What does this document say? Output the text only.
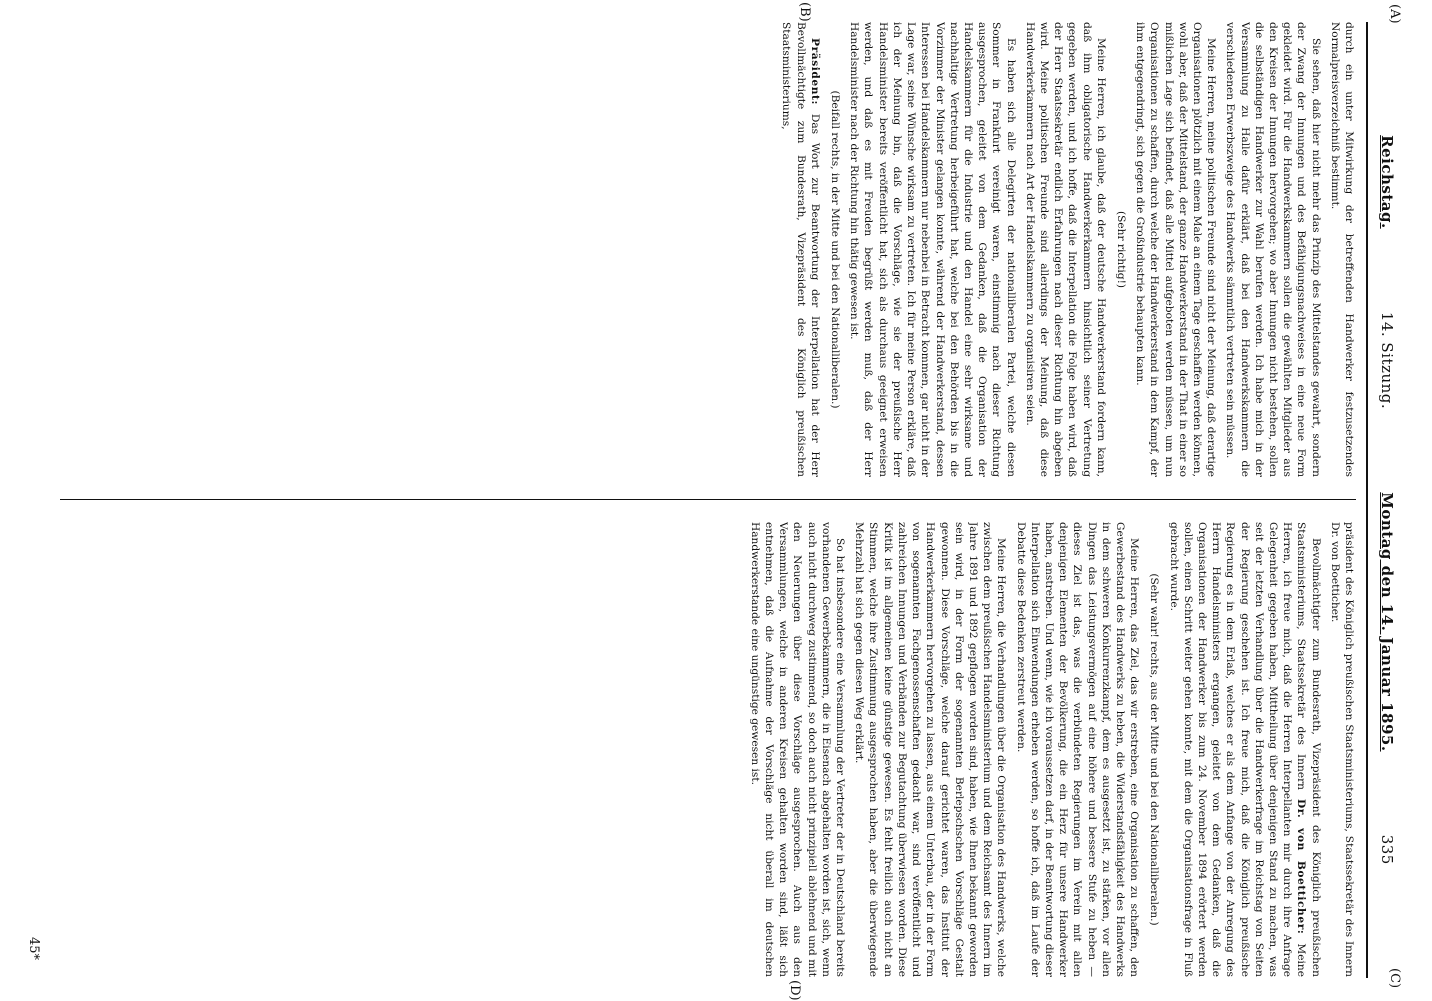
(A)
(C)
Reichstag.
14. Sitzung.
Montag den 14. Januar 1895.
335
(B)
(D)

durch ein unter Mitwirkung der betreffenden Handwerker festzusetzendes Normalpreisverzeichniß bestimmt.

Sie sehen, daß hier nicht mehr das Prinzip des Mittelstandes gewahrt, sondern der Zwang der Innungen und des Befähigungsnachweises in eine neue Form gekleidet wird. Für die Handwerkskammern sollen die gewählten Mitglieder aus den Kreisen der Innungen hervorgehen; wo aber Innungen nicht bestehen, sollen die selbständigen Handwerker zur Wahl berufen werden. Ich habe mich in der Versammlung zu Halle dafür erklärt, daß bei den Handwerkskammern die verschiedenen Erwerbszweige des Handwerks sämmtlich vertreten sein müssen.

Meine Herren, meine politischen Freunde sind nicht der Meinung, daß derartige Organisationen plötzlich mit einem Male an einem Tage geschaffen werden können, wohl aber, daß der Mittelstand, der ganze Handwerkerstand in der That in einer so mißlichen Lage sich befindet, daß alle Mittel aufgeboten werden müssen, um nun Organisationen zu schaffen, durch welche der Handwerkerstand in dem Kampf, der ihm entgegendringt, sich gegen die Großindustrie behaupten kann.

(Sehr richtig!)

Meine Herren, ich glaube, daß der deutsche Handwerkerstand fordern kann, daß ihm obligatorische Handwerkerkammern hinsichtlich seiner Vertretung gegeben werden, und ich hoffe, daß die Interpellation die Folge haben wird, daß der Herr Staatssekretär endlich Erfahrungen nach dieser Richtung hin abgeben wird. Meine politischen Freunde sind allerdings der Meinung, daß diese Handwerkerkammern nach Art der Handelskammern zu organisiren seien.

Es haben sich alle Delegirten der nationalliberalen Partei, welche diesen Sommer in Frankfurt vereinigt waren, einstimmig nach dieser Richtung ausgesprochen, geleitet von dem Gedanken, daß die Organisation der Handelskammern für die Industrie und den Handel eine sehr wirksame und nachhaltige Vertretung herbeigeführt hat, welche bei den Behörden bis in die Vorzimmer der Minister gelangen konnte, während der Handwerkerstand, dessen Interessen bei Handelskammern nur nebenbei in Betracht kommen, gar nicht in der Lage war, seine Wünsche wirksam zu vertreten. Ich für meine Person erkläre, daß ich der Meinung bin, daß die Vorschläge, wie sie der preußische Herr Handelsminister bereits veröffentlicht hat, sich als durchaus geeignet erweisen werden, und daß es mit Freuden begrüßt werden muß, daß der Herr Handelsminister nach der Richtung hin thätig gewesen ist.

(Beifall rechts, in der Mitte und bei den Nationalliberalen.)

Präsident: Das Wort zur Beantwortung der Interpellation hat der Herr Bevollmächtigte zum Bundesrath, Vizepräsident des Königlich preußischen Staatsministeriums,

präsident des Königlich preußischen Staatsministeriums, Staatssekretär des Innern Dr. von Boetticher.

Bevollmächtigter zum Bundesrath, Vizepräsident des Königlich preußischen Staatsministeriums, Staatssekretär des Innern Dr. von Boetticher: Meine Herren, ich freue mich, daß die Herren Interpellanten mir durch ihre Anfrage Gelegenheit gegeben haben, Mittheilung über denjenigen Stand zu machen, was seit der letzten Verhandlung über die Handwerkerfrage im Reichstag von Seiten der Regierung geschehen ist. Ich freue mich, daß die Königlich preußische Regierung es in dem Erlaß, welches er als dem Anfange von der Anregung des Herrn Handelsministers ergangen, geleitet von dem Gedanken, daß die Organisationen der Handwerker bis zum 24. November 1894 erörtert werden sollen, einen Schritt weiter gehen konnte, mit dem die Organisationsfrage in Fluß gebracht wurde.

(Sehr wahr! rechts, aus der Mitte und bei den Nationalliberalen.)

Meine Herren, das Ziel, das wir erstreben, eine Organisation zu schaffen, den Gewerbestand des Handwerks zu heben, die Widerstandsfähigkeit des Handwerks in dem schweren Konkurrenzkampf, dem es ausgesetzt ist, zu stärken, vor allen Dingen das Leistungsvermögen auf eine höhere und bessere Stufe zu heben — dieses Ziel ist das, was die verbündeten Regierungen im Verein mit allen denjenigen Elementen der Bevölkerung, die ein Herz für unsere Handwerker haben, anstreben. Und wenn, wie ich voraussetzen darf, in der Beantwortung dieser Interpellation sich Einwendungen erheben werden, so hoffe ich, daß im Laufe der Debatte diese Bedenken zerstreut werden.

Meine Herren, die Verhandlungen über die Organisation des Handwerks, welche zwischen dem preußischen Handelsministerium und dem Reichsamt des Innern im Jahre 1891 und 1892 gepflogen worden sind, haben, wie Ihnen bekannt geworden sein wird, in der Form der sogenannten Berlepschschen Vorschläge Gestalt gewonnen. Diese Vorschläge, welche darauf gerichtet waren, das Institut der Handwerkerkammern hervorgehen zu lassen, aus einem Unterbau, der in der Form von sogenannten Fachgenossenschaften gedacht war, sind veröffentlicht und zahlreichen Innungen und Verbänden zur Begutachtung überwiesen worden. Diese Kritik ist im allgemeinen keine günstige gewesen. Es fehlt freilich auch nicht an Stimmen, welche ihre Zustimmung ausgesprochen haben, aber die überwiegende Mehrzahl hat sich gegen diesen Weg erklärt.

So hat insbesondere eine Versammlung der Vertreter der in Deutschland bereits vorhandenen Gewerbekammern, die in Eisenach abgehalten worden ist, sich, wenn auch nicht durchweg zustimmend, so doch auch nicht prinzipiell ablehnend und mit den Neuerungen über diese Vorschläge ausgesprochen. Auch aus den Versammlungen, welche in anderen Kreisen gehalten worden sind, läßt sich entnehmen, daß die Aufnahme der Vorschläge nicht überall im deutschen Handwerkerstande eine ungünstige gewesen ist.

45*
